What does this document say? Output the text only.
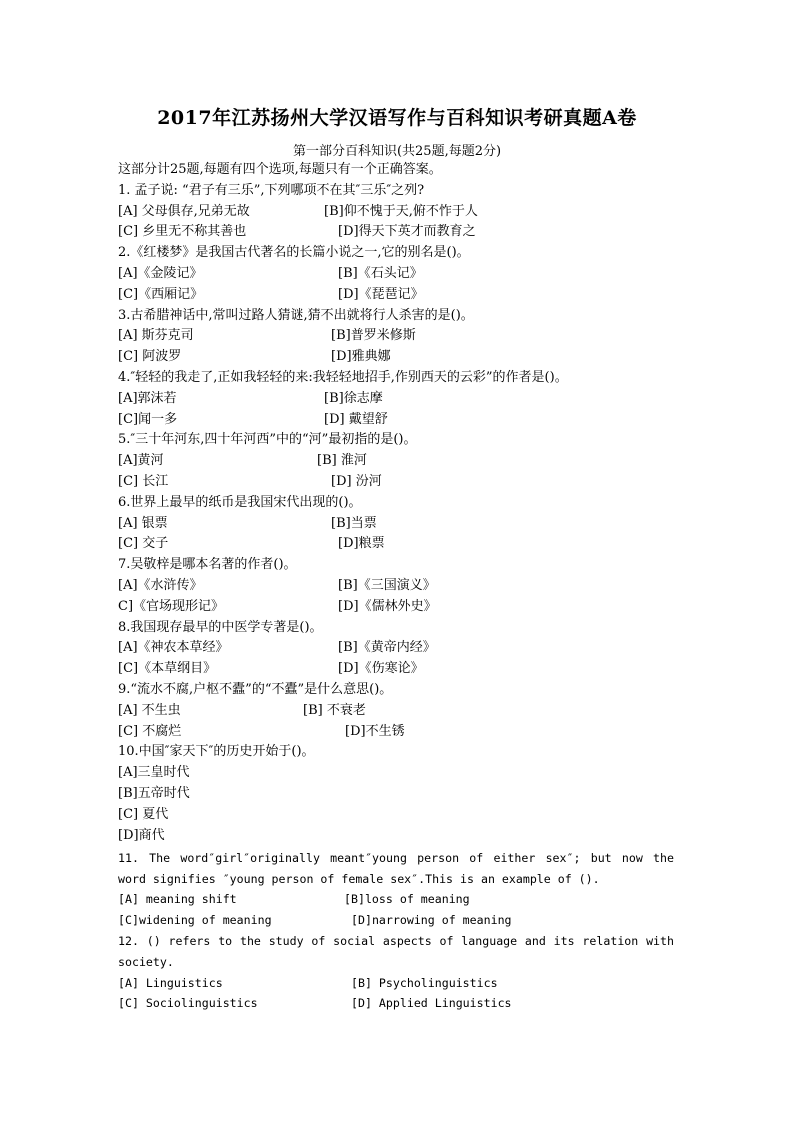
2017年江苏扬州大学汉语写作与百科知识考研真题A卷
第一部分百科知识(共25题,每题2分)
这部分计25题,每题有四个选项,每题只有一个正确答案。
1. 孟子说: “君子有三乐”,下列哪项不在其″三乐″之列?
[A] 父母俱存,兄弟无故	[B]仰不愧于天,俯不怍于人
[C] 乡里无不称其善也	[D]得天下英才而教育之
2.《红楼梦》是我国古代著名的长篇小说之一,它的别名是()。
[A]《金陵记》	[B]《石头记》
[C]《西厢记》	[D]《琵琶记》
3.古希腊神话中,常叫过路人猜谜,猜不出就将行人杀害的是()。
[A] 斯芬克司	[B]普罗米修斯
[C] 阿波罗	[D]雅典娜
4.″轻轻的我走了,正如我轻轻的来:我轻轻地招手,作别西天的云彩”的作者是()。
[A]郭沫若	[B]徐志摩
[C]闻一多	[D] 戴望舒
5.″三十年河东,四十年河西”中的“河”最初指的是()。
[A]黄河	[B] 淮河
[C] 长江	[D] 汾河
6.世界上最早的纸币是我国宋代出现的()。
[A] 银票	[B]当票
[C] 交子	[D]粮票
7.吴敬梓是哪本名著的作者()。
[A]《水浒传》	[B]《三国演义》
C]《官场现形记》	[D]《儒林外史》
8.我国现存最早的中医学专著是()。
[A]《神农本草经》	[B]《黄帝内经》
[C]《本草纲目》	[D]《伤寒论》
9.“流水不腐,户枢不蠹”的“不蠹”是什么意思()。
[A] 不生虫	[B] 不衰老
[C] 不腐烂	[D]不生锈
10.中国″家天下″的历史开始于()。
[A]三皇时代
[B]五帝时代
[C] 夏代
[D]商代
11. The word″girl″originally meant″young person of either sex″; but now the
word signifies ″young person of female sex″.This is an example of ().
[A] meaning shift	[B]loss of meaning
[C]widening of meaning	[D]narrowing of meaning
12. () refers to the study of social aspects of language and its relation with
society.
[A] Linguistics	[B] Psycholinguistics
[C] Sociolinguistics	[D] Applied Linguistics
